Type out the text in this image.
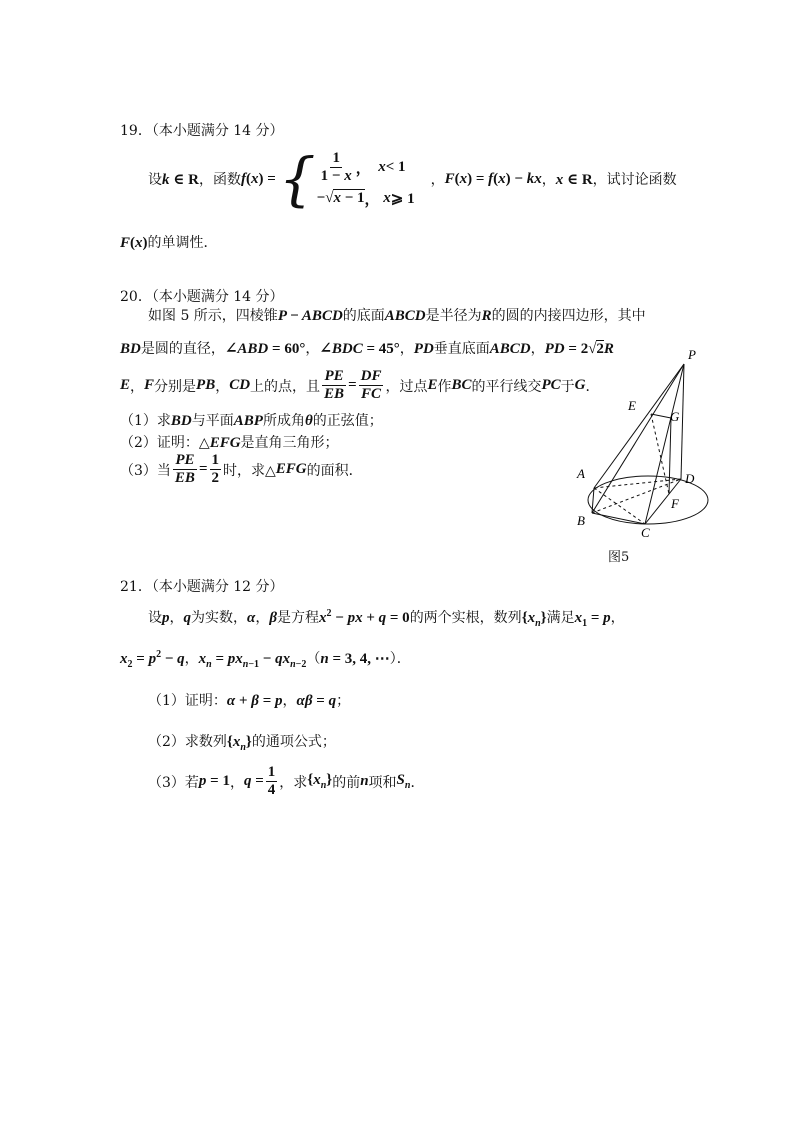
19．（本小题满分 14 分）
设 k ∈ R ，函数 f ( x ) = { $\frac{1}{1 - x}$ ， x < 1
−√ x − 1 ， x ⩾ 1
， F(x) = f(x) − kx ， x ∈ R ，试讨论函数
F(x)的单调性．
20．（本小题满分 14 分）
如图 5 所示，四棱锥P − ABCD的底面ABCD是半径为R的圆的内接四边形，其中
BD是圆的直径，∠ABD = 60°，∠BDC = 45°，PD垂直底面ABCD，PD = 2√2R
E ， F 分别是 PB ， CD 上的点，且 $\frac{PE}{EB} = \frac{DF}{FC}$ ，过点 E 作 BC 的平行线交 PC 于 G ．
（1）求BD与平面ABP所成角θ的正弦值；
（2）证明：△EFG是直角三角形；
（3）当 $\frac{PE}{EB} = \frac{1}{2}$ 时，求△ EFG 的面积．
P
E
G
A	D
F
B
C
图5
21．（本小题满分 12 分）
设p，q为实数，α，β是方程$x^2$ − px + q = 0的两个实根，数列$\{x_n\}$满足$x_1 = p$，
$x_2 = p^2 - q$，$x_n = px_{n-1} - qx_{n-2}(n = 3$, 4, ⋯）．
（1）证明：α + β = p，αβ = q；
（2）求数列$\{x_n\}$的通项公式；
（3）若 p = 1 ， $q = \frac{1}{4}$ ，求 $\{x_n\}$ 的前 n 项和 $S_n$ ．
